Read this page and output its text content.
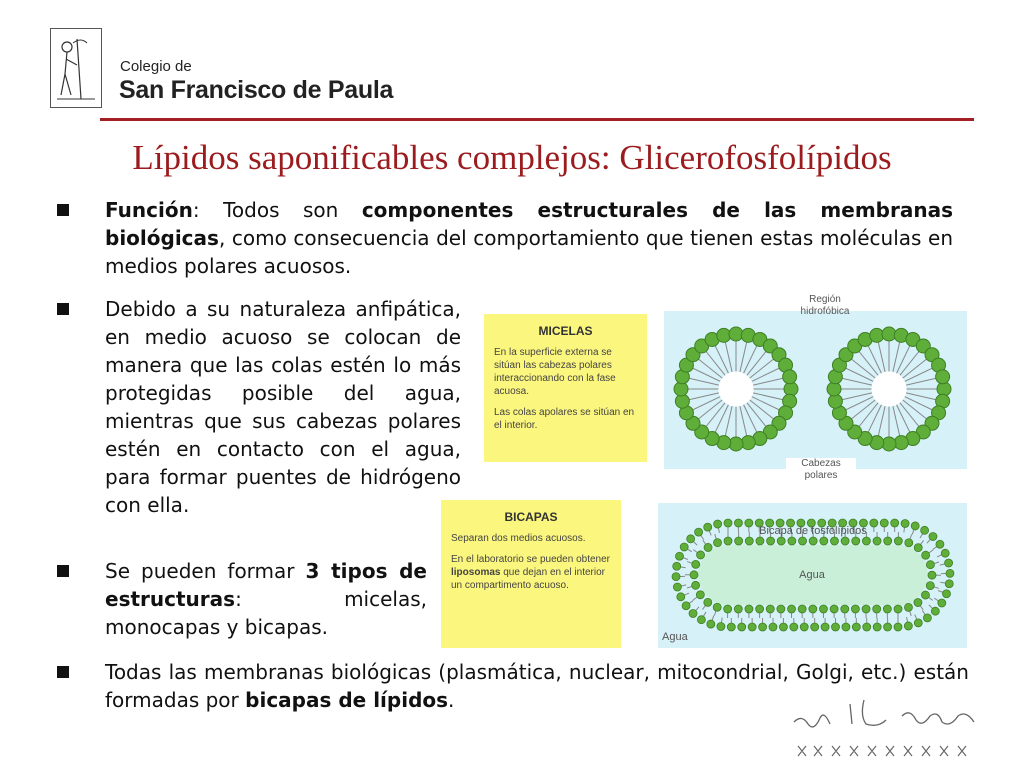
Colegio de
San Francisco de Paula
Lípidos saponificables complejos: Glicerofosfolípidos
Función: Todos son componentes estructurales de las membranas biológicas, como consecuencia del comportamiento que tienen estas moléculas en medios polares acuosos.
Debido a su naturaleza anfipática, en medio acuoso se colocan de manera que las colas estén lo más protegidas posible del agua, mientras que sus cabezas polares estén en contacto con el agua, para formar puentes de hidrógeno con ella.
Se pueden formar 3 tipos de estructuras: micelas, monocapas y bicapas.
Todas las membranas biológicas (plasmática, nuclear, mitocondrial, Golgi, etc.) están formadas por bicapas de lípidos.
MICELAS
En la superficie externa se sitúan las cabezas polares interaccionando con la fase acuosa.
Las colas apolares se sitúan en el interior.
Región
hidrofóbica
Cabezas
polares
BICAPAS
Separan dos medios acuosos.
En el laboratorio se pueden obtener liposomas que dejan en el interior un compartimento acuoso.
Bicapa de fosfolípidos
Agua
Agua
